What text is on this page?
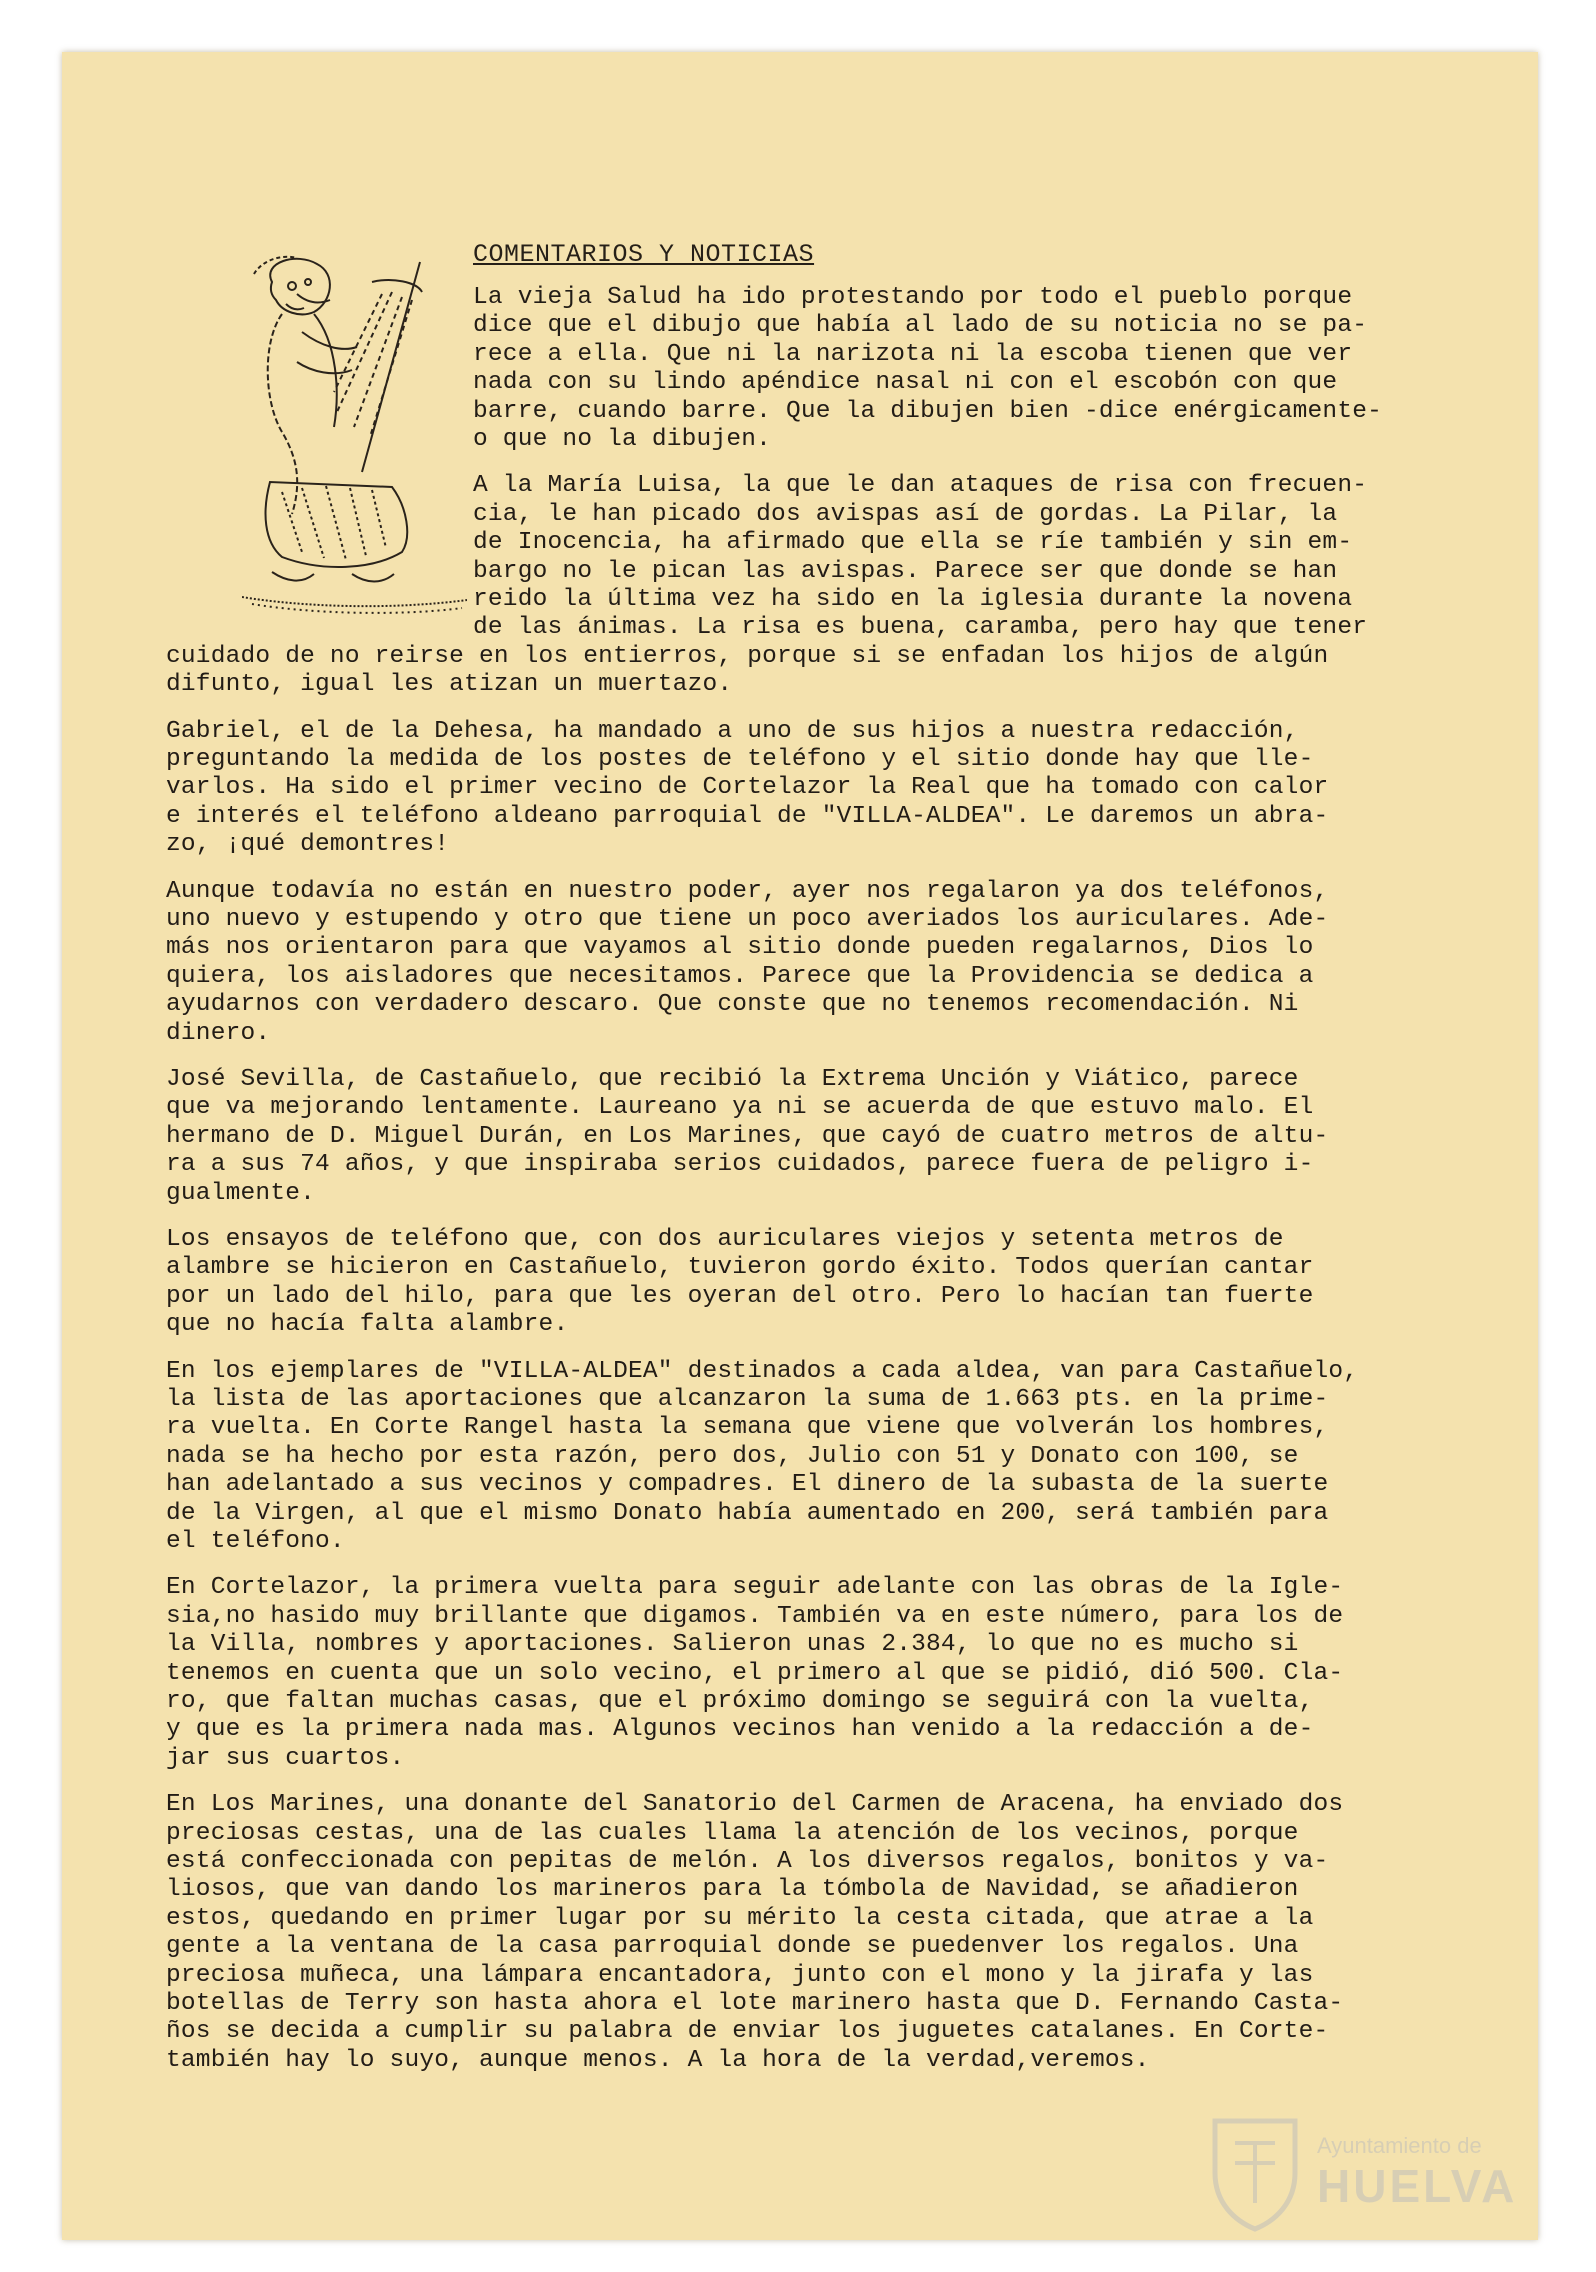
COMENTARIOS Y NOTICIAS
La vieja Salud ha ido protestando por todo el pueblo porque
dice que el dibujo que había al lado de su noticia no se pa-
rece a ella. Que ni la narizota ni la escoba tienen que ver
nada con su lindo apéndice nasal ni con el escobón con que
barre, cuando barre. Que la dibujen bien -dice enérgicamente-
o que no la dibujen.
A la María Luisa, la que le dan ataques de risa con frecuen-
cia, le han picado dos avispas así de gordas. La Pilar, la
de Inocencia, ha afirmado que ella se ríe también y sin em-
bargo no le pican las avispas. Parece ser que donde se han
reido la última vez ha sido en la iglesia durante la novena
de las ánimas. La risa es buena, caramba, pero hay que tener
cuidado de no reirse en los entierros, porque si se enfadan los hijos de algún
difunto, igual les atizan un muertazo.
Gabriel, el de la Dehesa, ha mandado a uno de sus hijos a nuestra redacción,
preguntando la medida de los postes de teléfono y el sitio donde hay que lle-
varlos. Ha sido el primer vecino de Cortelazor la Real que ha tomado con calor
e interés el teléfono aldeano parroquial de "VILLA-ALDEA". Le daremos un abra-
zo, ¡qué demontres!
Aunque todavía no están en nuestro poder, ayer nos regalaron ya dos teléfonos,
uno nuevo y estupendo y otro que tiene un poco averiados los auriculares. Ade-
más nos orientaron para que vayamos al sitio donde pueden regalarnos, Dios lo
quiera, los aisladores que necesitamos. Parece que la Providencia se dedica a
ayudarnos con verdadero descaro. Que conste que no tenemos recomendación. Ni
dinero.
José Sevilla, de Castañuelo, que recibió la Extrema Unción y Viático, parece
que va mejorando lentamente. Laureano ya ni se acuerda de que estuvo malo. El
hermano de D. Miguel Durán, en Los Marines, que cayó de cuatro metros de altu-
ra a sus 74 años, y que inspiraba serios cuidados, parece fuera de peligro i-
gualmente.
Los ensayos de teléfono que, con dos auriculares viejos y setenta metros de
alambre se hicieron en Castañuelo, tuvieron gordo éxito. Todos querían cantar
por un lado del hilo, para que les oyeran del otro. Pero lo hacían tan fuerte
que no hacía falta alambre.
En los ejemplares de "VILLA-ALDEA" destinados a cada aldea, van para Castañuelo,
la lista de las aportaciones que alcanzaron la suma de 1.663 pts. en la prime-
ra vuelta. En Corte Rangel hasta la semana que viene que volverán los hombres,
nada se ha hecho por esta razón, pero dos, Julio con 51 y Donato con 100, se
han adelantado a sus vecinos y compadres. El dinero de la subasta de la suerte
de la Virgen, al que el mismo Donato había aumentado en 200, será también para
el teléfono.
En Cortelazor, la primera vuelta para seguir adelante con las obras de la Igle-
sia,no hasido muy brillante que digamos. También va en este número, para los de
la Villa, nombres y aportaciones. Salieron unas 2.384, lo que no es mucho si
tenemos en cuenta que un solo vecino, el primero al que se pidió, dió 500. Cla-
ro, que faltan muchas casas, que el próximo domingo se seguirá con la vuelta,
y que es la primera nada mas. Algunos vecinos han venido a la redacción a de-
jar sus cuartos.
En Los Marines, una donante del Sanatorio del Carmen de Aracena, ha enviado dos
preciosas cestas, una de las cuales llama la atención de los vecinos, porque
está confeccionada con pepitas de melón. A los diversos regalos, bonitos y va-
liosos, que van dando los marineros para la tómbola de Navidad, se añadieron
estos, quedando en primer lugar por su mérito la cesta citada, que atrae a la
gente a la ventana de la casa parroquial donde se puedenver los regalos. Una
preciosa muñeca, una lámpara encantadora, junto con el mono y la jirafa y las
botellas de Terry son hasta ahora el lote marinero hasta que D. Fernando Casta-
ños se decida a cumplir su palabra de enviar los juguetes catalanes. En Corte-
también hay lo suyo, aunque menos. A la hora de la verdad,veremos.
Ayuntamiento de
HUELVA
